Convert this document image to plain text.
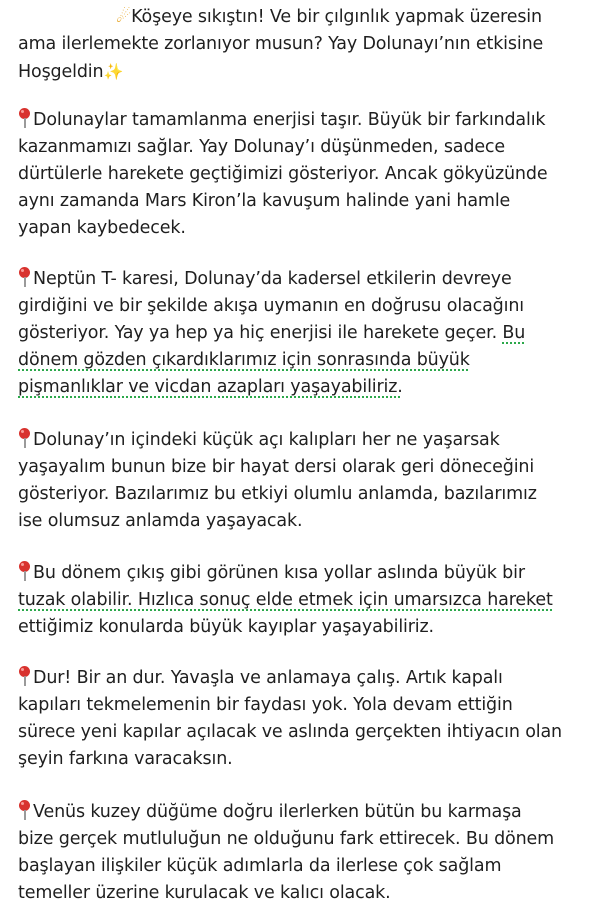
☄Köşeye sıkıştın! Ve bir çılgınlık yapmak üzeresin
ama ilerlemekte zorlanıyor musun? Yay Dolunayı’nın etkisine
Hoşgeldin✨

Dolunaylar tamamlanma enerjisi taşır. Büyük bir farkındalık
kazanmamızı sağlar. Yay Dolunay’ı düşünmeden, sadece
dürtülerle harekete geçtiğimizi gösteriyor. Ancak gökyüzünde
aynı zamanda Mars Kiron’la kavuşum halinde yani hamle
yapan kaybedecek.

Neptün T- karesi, Dolunay’da kadersel etkilerin devreye
girdiğini ve bir şekilde akışa uymanın en doğrusu olacağını
gösteriyor. Yay ya hep ya hiç enerjisi ile harekete geçer. Bu
dönem gözden çıkardıklarımız için sonrasında büyük
pişmanlıklar ve vicdan azapları yaşayabiliriz.

Dolunay’ın içindeki küçük açı kalıpları her ne yaşarsak
yaşayalım bunun bize bir hayat dersi olarak geri döneceğini
gösteriyor. Bazılarımız bu etkiyi olumlu anlamda, bazılarımız
ise olumsuz anlamda yaşayacak.

Bu dönem çıkış gibi görünen kısa yollar aslında büyük bir
tuzak olabilir. Hızlıca sonuç elde etmek için umarsızca hareket
ettiğimiz konularda büyük kayıplar yaşayabiliriz.

Dur! Bir an dur. Yavaşla ve anlamaya çalış. Artık kapalı
kapıları tekmelemenin bir faydası yok. Yola devam ettiğin
sürece yeni kapılar açılacak ve aslında gerçekten ihtiyacın olan
şeyin farkına varacaksın.

Venüs kuzey düğüme doğru ilerlerken bütün bu karmaşa
bize gerçek mutluluğun ne olduğunu fark ettirecek. Bu dönem
başlayan ilişkiler küçük adımlarla da ilerlese çok sağlam
temeller üzerine kurulacak ve kalıcı olacak.
